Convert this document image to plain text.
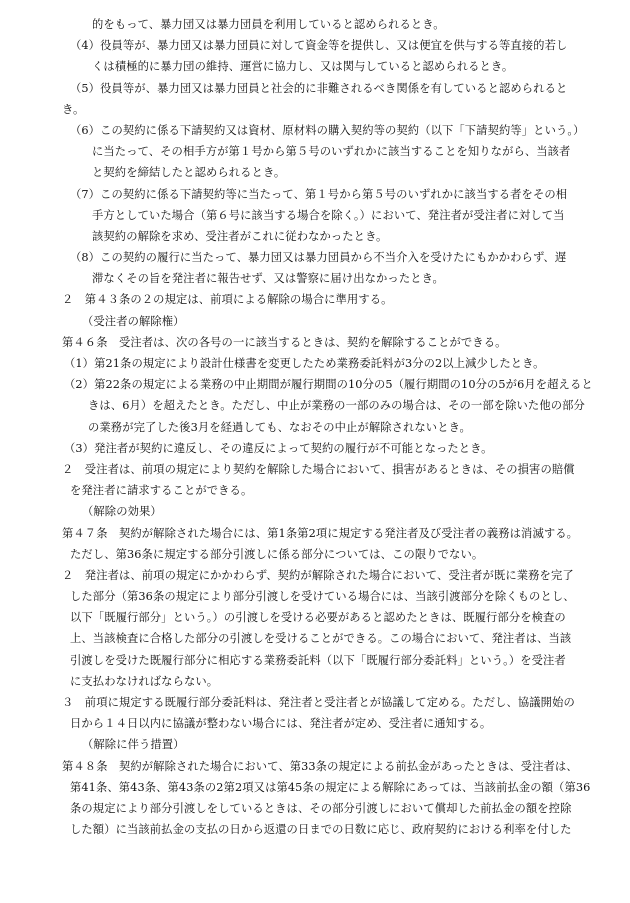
的をもって、暴力団又は暴力団員を利用していると認められるとき。
（4）役員等が、暴力団又は暴力団員に対して資金等を提供し、又は便宜を供与する等直接的若し
くは積極的に暴力団の維持、運営に協力し、又は関与していると認められるとき。
（5）役員等が、暴力団又は暴力団員と社会的に非難されるべき関係を有していると認められると
き。
（6）この契約に係る下請契約又は資材、原材料の購入契約等の契約（以下「下請契約等」という。）
に当たって、その相手方が第１号から第５号のいずれかに該当することを知りながら、当該者
と契約を締結したと認められるとき。
（7）この契約に係る下請契約等に当たって、第１号から第５号のいずれかに該当する者をその相
手方としていた場合（第６号に該当する場合を除く。）において、発注者が受注者に対して当
該契約の解除を求め、受注者がこれに従わなかったとき。
（8）この契約の履行に当たって、暴力団又は暴力団員から不当介入を受けたにもかかわらず、遅
滞なくその旨を発注者に報告せず、又は警察に届け出なかったとき。
２　第４３条の２の規定は、前項による解除の場合に準用する。
（受注者の解除権）
第４６条　受注者は、次の各号の一に該当するときは、契約を解除することができる。
（1）第21条の規定により設計仕様書を変更したため業務委託料が3分の2以上減少したとき。
（2）第22条の規定による業務の中止期間が履行期間の10分の5（履行期間の10分の5が6月を超えると
きは、6月）を超えたとき。ただし、中止が業務の一部のみの場合は、その一部を除いた他の部分
の業務が完了した後3月を経過しても、なおその中止が解除されないとき。
（3）発注者が契約に違反し、その違反によって契約の履行が不可能となったとき。
２　受注者は、前項の規定により契約を解除した場合において、損害があるときは、その損害の賠償
を発注者に請求することができる。
（解除の効果）
第４７条　契約が解除された場合には、第1条第2項に規定する発注者及び受注者の義務は消滅する。
ただし、第36条に規定する部分引渡しに係る部分については、この限りでない。
２　発注者は、前項の規定にかかわらず、契約が解除された場合において、受注者が既に業務を完了
した部分（第36条の規定により部分引渡しを受けている場合には、当該引渡部分を除くものとし、
以下「既履行部分」という。）の引渡しを受ける必要があると認めたときは、既履行部分を検査の
上、当該検査に合格した部分の引渡しを受けることができる。この場合において、発注者は、当該
引渡しを受けた既履行部分に相応する業務委託料（以下「既履行部分委託料」という。）を受注者
に支払わなければならない。
３　前項に規定する既履行部分委託料は、発注者と受注者とが協議して定める。ただし、協議開始の
日から１４日以内に協議が整わない場合には、発注者が定め、受注者に通知する。
（解除に伴う措置）
第４８条　契約が解除された場合において、第33条の規定による前払金があったときは、受注者は、
第41条、第43条、第43条の2第2項又は第45条の規定による解除にあっては、当該前払金の額（第36
条の規定により部分引渡しをしているときは、その部分引渡しにおいて償却した前払金の額を控除
した額）に当該前払金の支払の日から返還の日までの日数に応じ、政府契約における利率を付した
